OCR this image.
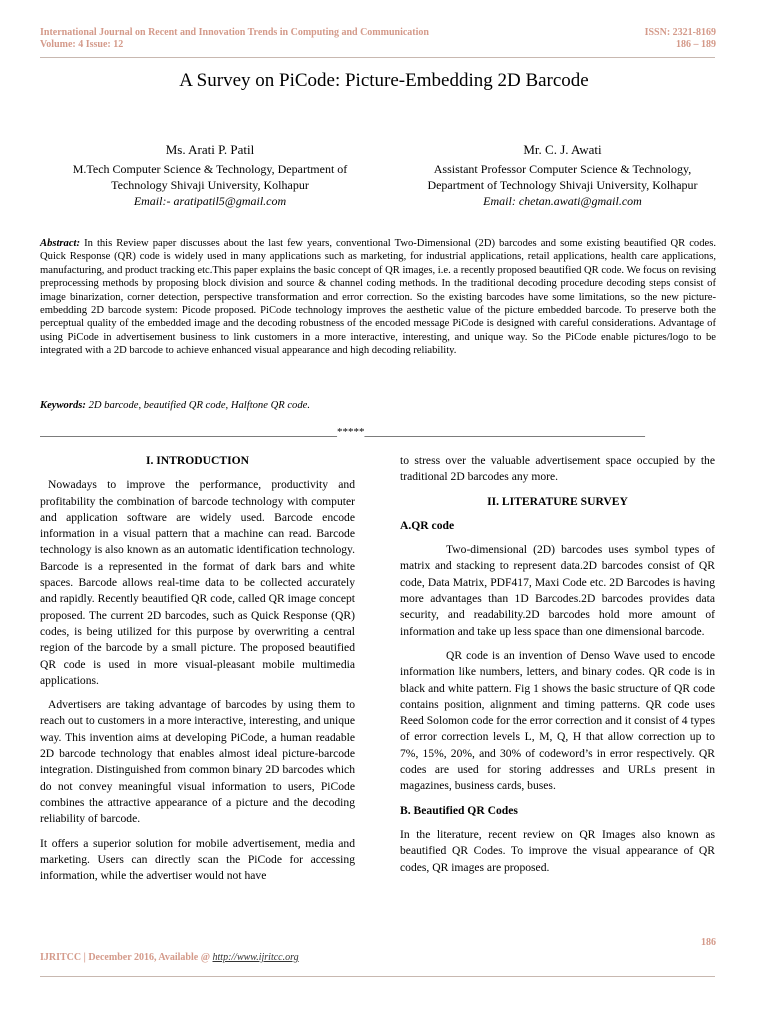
International Journal on Recent and Innovation Trends in Computing and Communication
Volume: 4 Issue: 12
ISSN: 2321-8169
186 – 189
A Survey on PiCode: Picture-Embedding 2D Barcode
Ms. Arati P. Patil
M.Tech Computer Science & Technology, Department of
Technology Shivaji University, Kolhapur
Email:- aratipatil5@gmail.com
Mr. C. J. Awati
Assistant Professor Computer Science & Technology,
Department of Technology Shivaji University, Kolhapur
Email: chetan.awati@gmail.com
Abstract: In this Review paper discusses about the last few years, conventional Two-Dimensional (2D) barcodes and some existing beautified QR codes. Quick Response (QR) code is widely used in many applications such as marketing, for industrial applications, retail applications, health care applications, manufacturing, and product tracking etc.This paper explains the basic concept of QR images, i.e. a recently proposed beautified QR code. We focus on revising preprocessing methods by proposing block division and source & channel coding methods. In the traditional decoding procedure decoding steps consist of image binarization, corner detection, perspective transformation and error correction. So the existing barcodes have some limitations, so the new picture-embedding 2D barcode system: Picode proposed. PiCode technology improves the aesthetic value of the picture embedded barcode. To preserve both the perceptual quality of the embedded image and the decoding robustness of the encoded message PiCode is designed with careful considerations. Advantage of using PiCode in advertisement business to link customers in a more interactive, interesting, and unique way. So the PiCode enable pictures/logo to be integrated with a 2D barcode to achieve enhanced visual appearance and high decoding reliability.
Keywords: 2D barcode, beautified QR code, Halftone QR code.
______________________________________________________*****___________________________________________________

I. INTRODUCTION

Nowadays to improve the performance, productivity and profitability the combination of barcode technology with computer and application software are widely used. Barcode encode information in a visual pattern that a machine can read. Barcode technology is also known as an automatic identification technology. Barcode is a represented in the format of dark bars and white spaces. Barcode allows real-time data to be collected accurately and rapidly. Recently beautified QR code, called QR image concept proposed. The current 2D barcodes, such as Quick Response (QR) codes, is being utilized for this purpose by overwriting a central region of the barcode by a small picture. The proposed beautified QR code is used in more visual-pleasant mobile multimedia applications.

Advertisers are taking advantage of barcodes by using them to reach out to customers in a more interactive, interesting, and unique way. This invention aims at developing PiCode, a human readable 2D barcode technology that enables almost ideal picture-barcode integration. Distinguished from common binary 2D barcodes which do not convey meaningful visual information to users, PiCode combines the attractive appearance of a picture and the decoding reliability of barcode.

It offers a superior solution for mobile advertisement, media and marketing. Users can directly scan the PiCode for accessing information, while the advertiser would not have

to stress over the valuable advertisement space occupied by the traditional 2D barcodes any more.

II. LITERATURE SURVEY

A.QR code

Two-dimensional (2D) barcodes uses symbol types of matrix and stacking to represent data.2D barcodes consist of QR code, Data Matrix, PDF417, Maxi Code etc. 2D Barcodes is having more advantages than 1D Barcodes.2D barcodes provides data security, and readability.2D barcodes hold more amount of information and take up less space than one dimensional barcode.

QR code is an invention of Denso Wave used to encode information like numbers, letters, and binary codes. QR code is in black and white pattern. Fig 1 shows the basic structure of QR code contains position, alignment and timing patterns. QR code uses Reed Solomon code for the error correction and it consist of 4 types of error correction levels L, M, Q, H that allow correction up to 7%, 15%, 20%, and 30% of codeword’s in error respectively. QR codes are used for storing addresses and URLs present in magazines, business cards, buses.

B. Beautified QR Codes

In the literature, recent review on QR Images also known as beautified QR Codes. To improve the visual appearance of QR codes, QR images are proposed.

186
IJRITCC | December 2016, Available @ http://www.ijritcc.org
